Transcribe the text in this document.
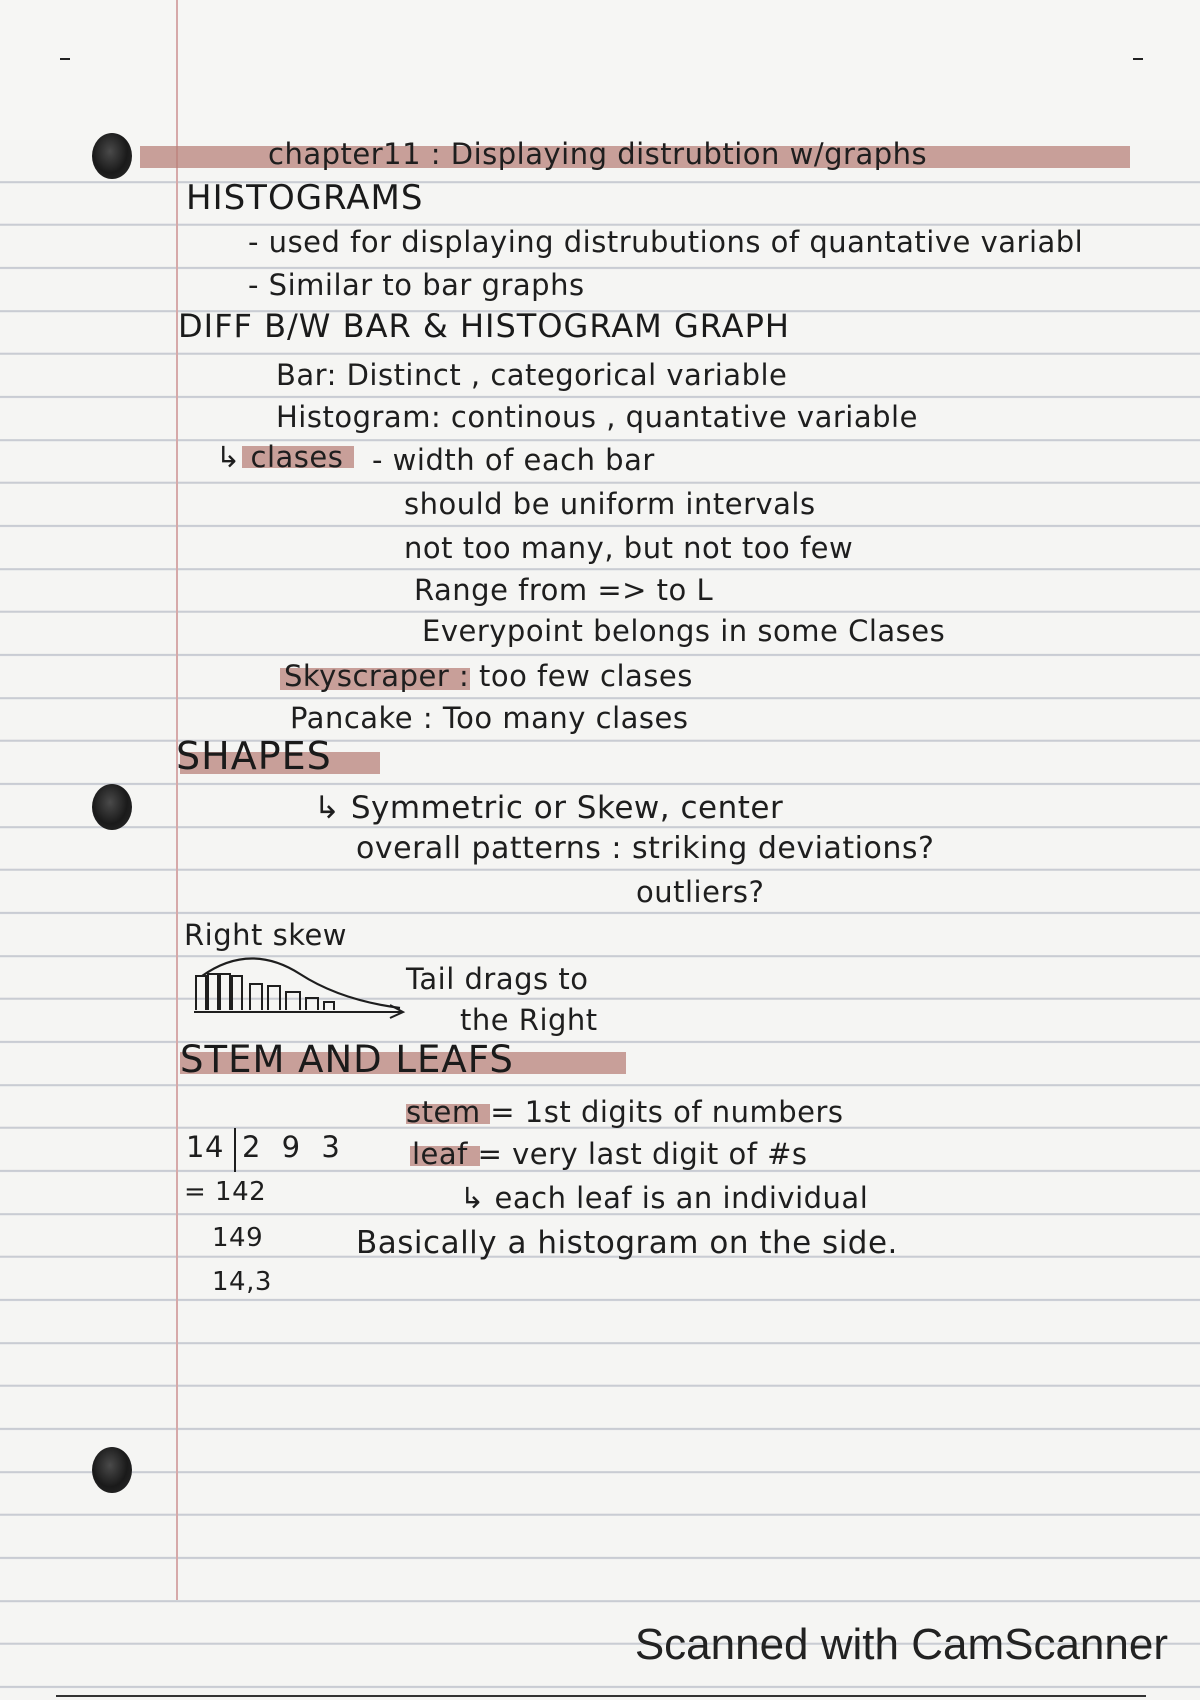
chapter11 : Displaying distrubtion w/graphs
HISTOGRAMS
- used for displaying distrubutions of quantative variabl
- Similar to bar graphs
DIFF B/W BAR & HISTOGRAM GRAPH
Bar: Distinct , categorical variable
Histogram: continous , quantative variable
↳ clases - width of each bar
should be uniform intervals
not too many, but not too few
Range from => to L
Everypoint belongs in some Clases
Skyscraper : too few clases
Pancake : Too many clases
SHAPES
↳ Symmetric or Skew, center
overall patterns : striking deviations?
outliers?
Right skew
Tail drags to
the Right
STEM AND LEAFS
stem = 1st digits of numbers
leaf = very last digit of #s
↳ each leaf is an individual
Basically a histogram on the side.
14 2 9 3
= 142
149
14,3
Scanned with CamScanner
